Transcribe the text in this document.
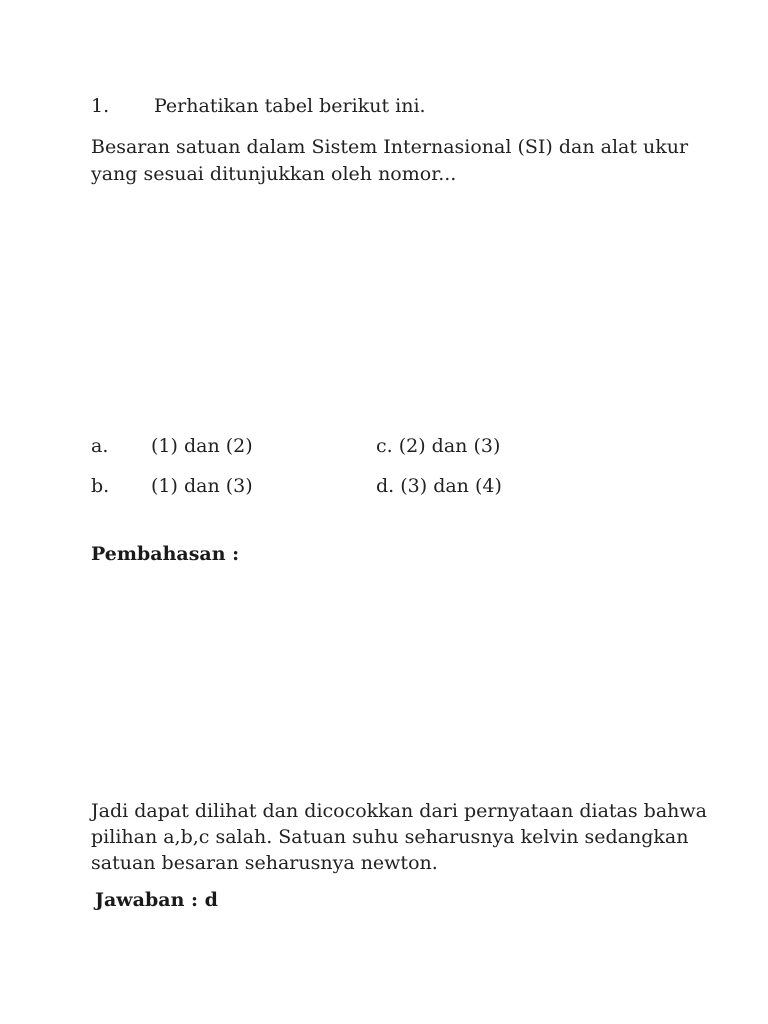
1. Perhatikan tabel berikut ini.
Besaran satuan dalam Sistem Internasional (SI) dan alat ukur yang sesuai ditunjukkan oleh nomor...
a. (1) dan (2)	c. (2) dan (3)
b. (1) dan (3)	d. (3) dan (4)
Pembahasan :
Jadi dapat dilihat dan dicocokkan dari pernyataan diatas bahwa pilihan a,b,c salah. Satuan suhu seharusnya kelvin sedangkan satuan besaran seharusnya newton.
Jawaban : d
